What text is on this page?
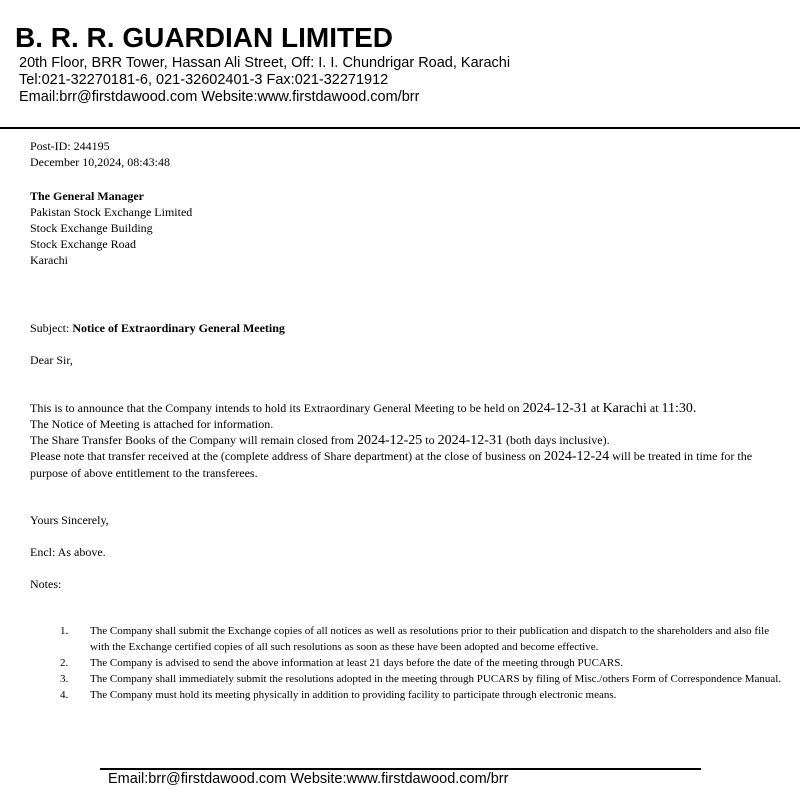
B. R. R. GUARDIAN LIMITED
20th Floor, BRR Tower, Hassan Ali Street, Off: I. I. Chundrigar Road, Karachi
Tel:021-32270181-6, 021-32602401-3 Fax:021-32271912
Email:brr@firstdawood.com Website:www.firstdawood.com/brr
Post-ID: 244195
December 10,2024, 08:43:48
The General Manager
Pakistan Stock Exchange Limited
Stock Exchange Building
Stock Exchange Road
Karachi
Subject: Notice of Extraordinary General Meeting
Dear Sir,
This is to announce that the Company intends to hold its Extraordinary General Meeting to be held on 2024-12-31 at Karachi at 11:30.
The Notice of Meeting is attached for information.
The Share Transfer Books of the Company will remain closed from 2024-12-25 to 2024-12-31 (both days inclusive).
Please note that transfer received at the (complete address of Share department) at the close of business on 2024-12-24 will be treated in time for the purpose of above entitlement to the transferees.
Yours Sincerely,
Encl: As above.
Notes:
1. The Company shall submit the Exchange copies of all notices as well as resolutions prior to their publication and dispatch to the shareholders and also file with the Exchange certified copies of all such resolutions as soon as these have been adopted and become effective.
2. The Company is advised to send the above information at least 21 days before the date of the meeting through PUCARS.
3. The Company shall immediately submit the resolutions adopted in the meeting through PUCARS by filing of Misc./others Form of Correspondence Manual.
4. The Company must hold its meeting physically in addition to providing facility to participate through electronic means.
Email:brr@firstdawood.com Website:www.firstdawood.com/brr
